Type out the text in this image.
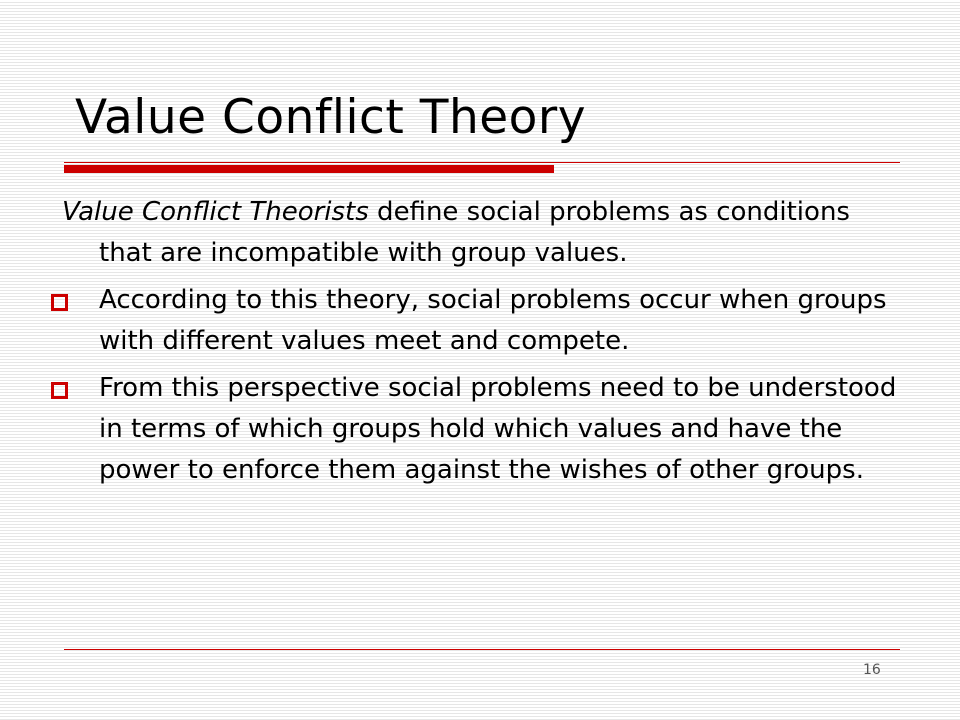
Value Conflict Theory

Value Conflict Theorists define social problems as conditions that are incompatible with group values.

According to this theory, social problems occur when groups with different values meet and compete.

From this perspective social problems need to be understood in terms of which groups hold which values and have the power to enforce them against the wishes of other groups.

16
